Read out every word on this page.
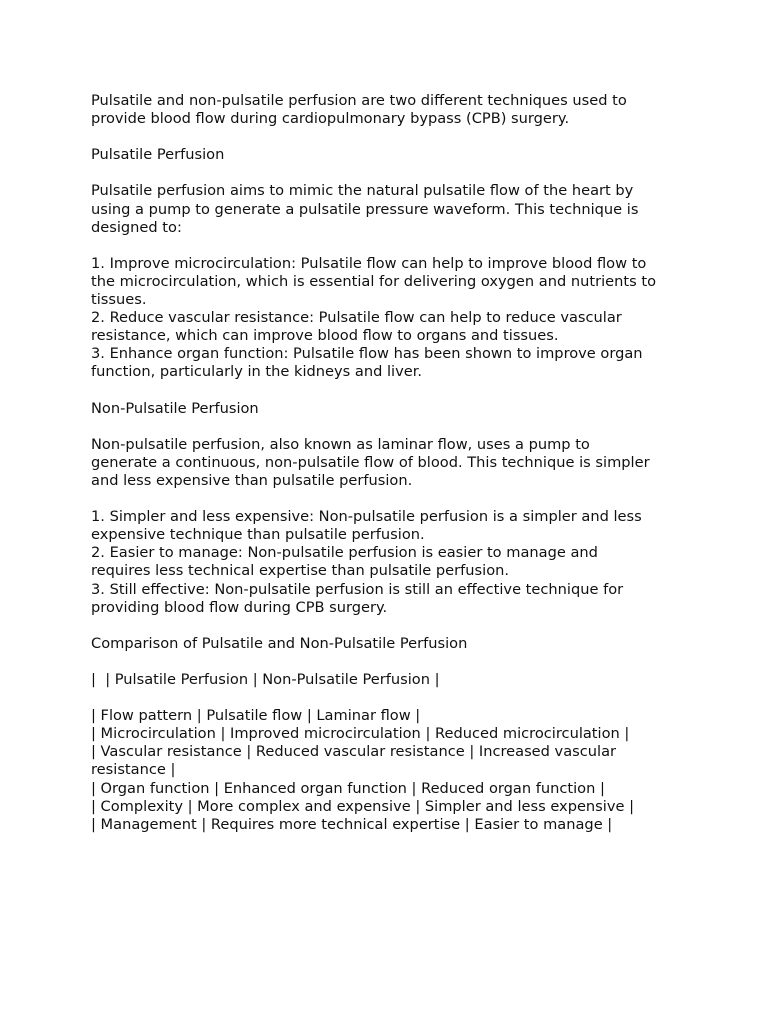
Pulsatile and non-pulsatile perfusion are two different techniques used to
provide blood flow during cardiopulmonary bypass (CPB) surgery.
Pulsatile Perfusion
Pulsatile perfusion aims to mimic the natural pulsatile flow of the heart by
using a pump to generate a pulsatile pressure waveform. This technique is
designed to:
1. Improve microcirculation: Pulsatile flow can help to improve blood flow to
the microcirculation, which is essential for delivering oxygen and nutrients to
tissues.
2. Reduce vascular resistance: Pulsatile flow can help to reduce vascular
resistance, which can improve blood flow to organs and tissues.
3. Enhance organ function: Pulsatile flow has been shown to improve organ
function, particularly in the kidneys and liver.
Non-Pulsatile Perfusion
Non-pulsatile perfusion, also known as laminar flow, uses a pump to
generate a continuous, non-pulsatile flow of blood. This technique is simpler
and less expensive than pulsatile perfusion.
1. Simpler and less expensive: Non-pulsatile perfusion is a simpler and less
expensive technique than pulsatile perfusion.
2. Easier to manage: Non-pulsatile perfusion is easier to manage and
requires less technical expertise than pulsatile perfusion.
3. Still effective: Non-pulsatile perfusion is still an effective technique for
providing blood flow during CPB surgery.
Comparison of Pulsatile and Non-Pulsatile Perfusion
|  | Pulsatile Perfusion | Non-Pulsatile Perfusion |
| Flow pattern | Pulsatile flow | Laminar flow |
| Microcirculation | Improved microcirculation | Reduced microcirculation |
| Vascular resistance | Reduced vascular resistance | Increased vascular
resistance |
| Organ function | Enhanced organ function | Reduced organ function |
| Complexity | More complex and expensive | Simpler and less expensive |
| Management | Requires more technical expertise | Easier to manage |
